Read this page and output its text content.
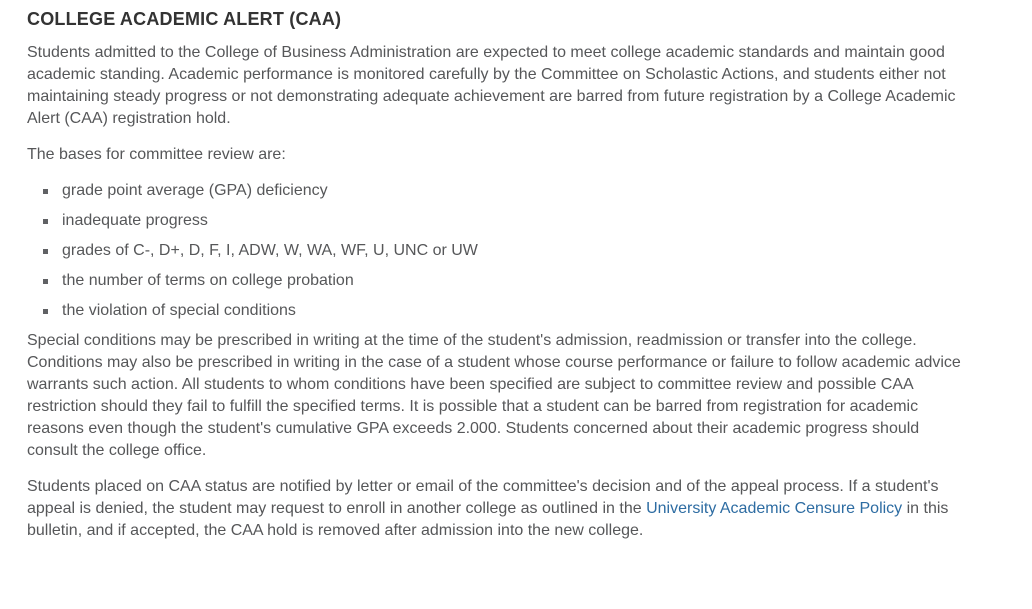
COLLEGE ACADEMIC ALERT (CAA)

Students admitted to the College of Business Administration are expected to meet college academic standards and maintain good academic standing. Academic performance is monitored carefully by the Committee on Scholastic Actions, and students either not maintaining steady progress or not demonstrating adequate achievement are barred from future registration by a College Academic Alert (CAA) registration hold.

The bases for committee review are:

grade point average (GPA) deficiency
inadequate progress
grades of C-, D+, D, F, I, ADW, W, WA, WF, U, UNC or UW
the number of terms on college probation
the violation of special conditions

Special conditions may be prescribed in writing at the time of the student's admission, readmission or transfer into the college. Conditions may also be prescribed in writing in the case of a student whose course performance or failure to follow academic advice warrants such action. All students to whom conditions have been specified are subject to committee review and possible CAA restriction should they fail to fulfill the specified terms. It is possible that a student can be barred from registration for academic reasons even though the student's cumulative GPA exceeds 2.000. Students concerned about their academic progress should consult the college office.

Students placed on CAA status are notified by letter or email of the committee's decision and of the appeal process. If a student's appeal is denied, the student may request to enroll in another college as outlined in the University Academic Censure Policy in this bulletin, and if accepted, the CAA hold is removed after admission into the new college.
